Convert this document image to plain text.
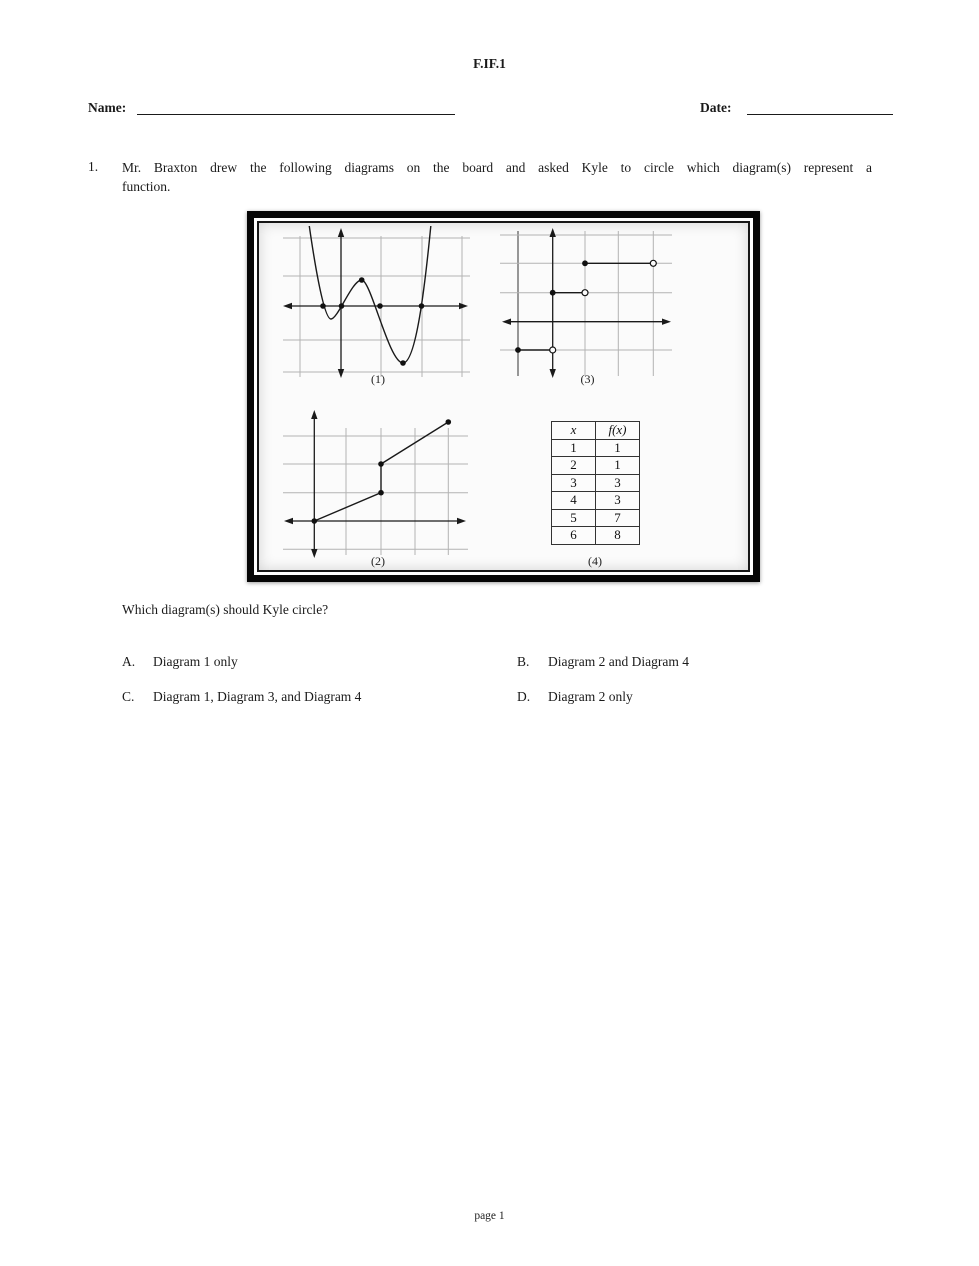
F.IF.1
Name:	Date:
1. Mr. Braxton drew the following diagrams on the board and asked Kyle to circle which diagram(s) represent a
function.
(1)	(3)
(2)
x	f(x)
1	1
2	1
3	3
4	3
5	7
6	8
(4)
Which diagram(s) should Kyle circle?
A. Diagram 1 only	B. Diagram 2 and Diagram 4
C. Diagram 1, Diagram 3, and Diagram 4	D. Diagram 2 only
page 1
